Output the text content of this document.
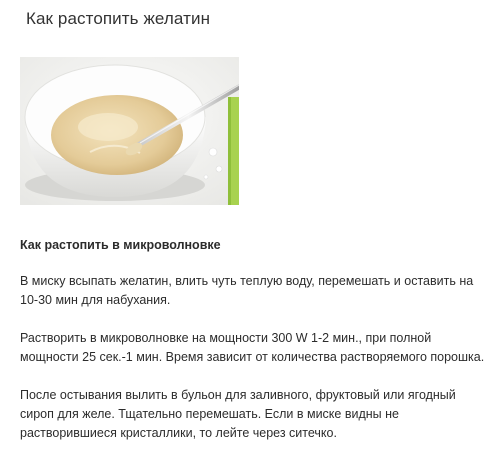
Как растопить желатин

Как растопить в микроволновке

В миску всыпать желатин, влить чуть теплую воду, перемешать и оставить на 10-30 мин для набухания.

Растворить в микроволновке на мощности 300 W 1-2 мин., при полной мощности 25 сек.-1 мин. Время зависит от количества растворяемого порошка.

После остывания вылить в бульон для заливного, фруктовый или ягодный сироп для желе. Тщательно перемешать. Если в миске видны не растворившиеся кристаллики, то лейте через ситечко.
